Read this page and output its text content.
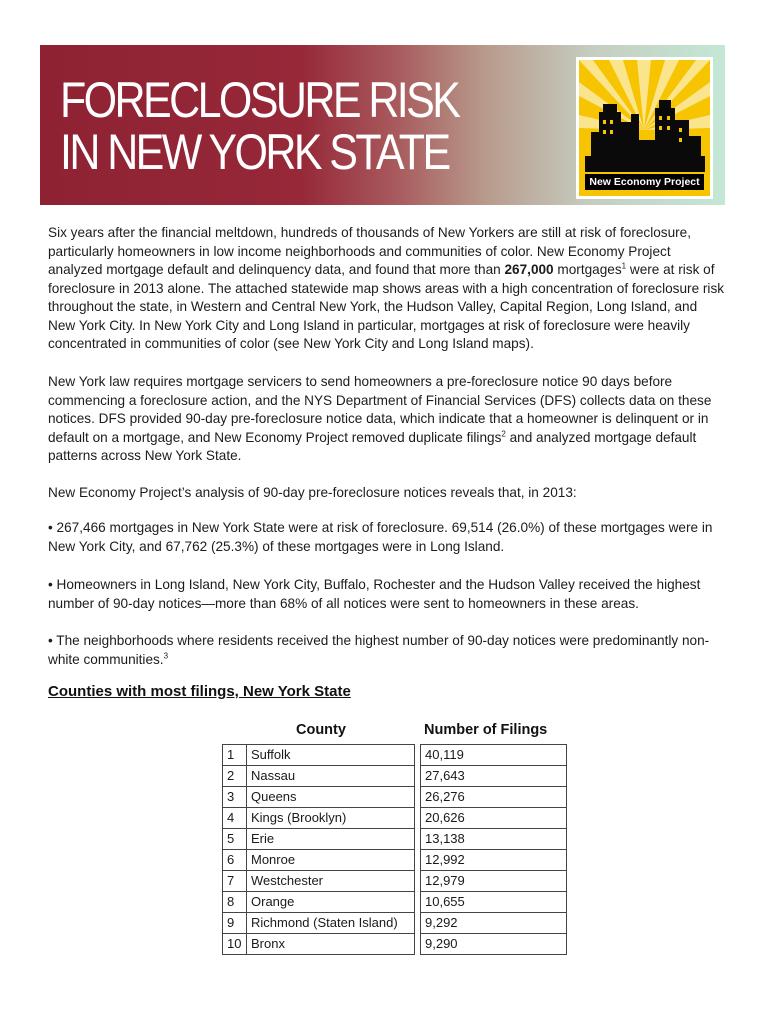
FORECLOSURE RISK
IN NEW YORK STATE
New Economy Project

Six years after the financial meltdown, hundreds of thousands of New Yorkers are still at risk of foreclosure, particularly homeowners in low income neighborhoods and communities of color. New Economy Project analyzed mortgage default and delinquency data, and found that more than 267,000 mortgages$^1$ were at risk of foreclosure in 2013 alone. The attached statewide map shows areas with a high concentration of foreclosure risk throughout the state, in Western and Central New York, the Hudson Valley, Capital Region, Long Island, and New York City. In New York City and Long Island in particular, mortgages at risk of foreclosure were heavily concentrated in communities of color (see New York City and Long Island maps).

New York law requires mortgage servicers to send homeowners a pre-foreclosure notice 90 days before commencing a foreclosure action, and the NYS Department of Financial Services (DFS) collects data on these notices. DFS provided 90-day pre-foreclosure notice data, which indicate that a homeowner is delinquent or in default on a mortgage, and New Economy Project removed duplicate filings$^2$ and analyzed mortgage default patterns across New York State.

New Economy Project’s analysis of 90-day pre-foreclosure notices reveals that, in 2013:

• 267,466 mortgages in New York State were at risk of foreclosure. 69,514 (26.0%) of these mortgages were in New York City, and 67,762 (25.3%) of these mortgages were in Long Island.

• Homeowners in Long Island, New York City, Buffalo, Rochester and the Hudson Valley received the highest number of 90-day notices—more than 68% of all notices were sent to homeowners in these areas.

• The neighborhoods where residents received the highest number of 90-day notices were predominantly non-white communities.$^3$

Counties with most filings, New York State
County	Number of Filings
1	Suffolk		40,119
2	Nassau		27,643
3	Queens		26,276
4	Kings (Brooklyn)		20,626
5	Erie		13,138
6	Monroe		12,992
7	Westchester		12,979
8	Orange		10,655
9	Richmond (Staten Island)		9,292
10	Bronx		9,290
